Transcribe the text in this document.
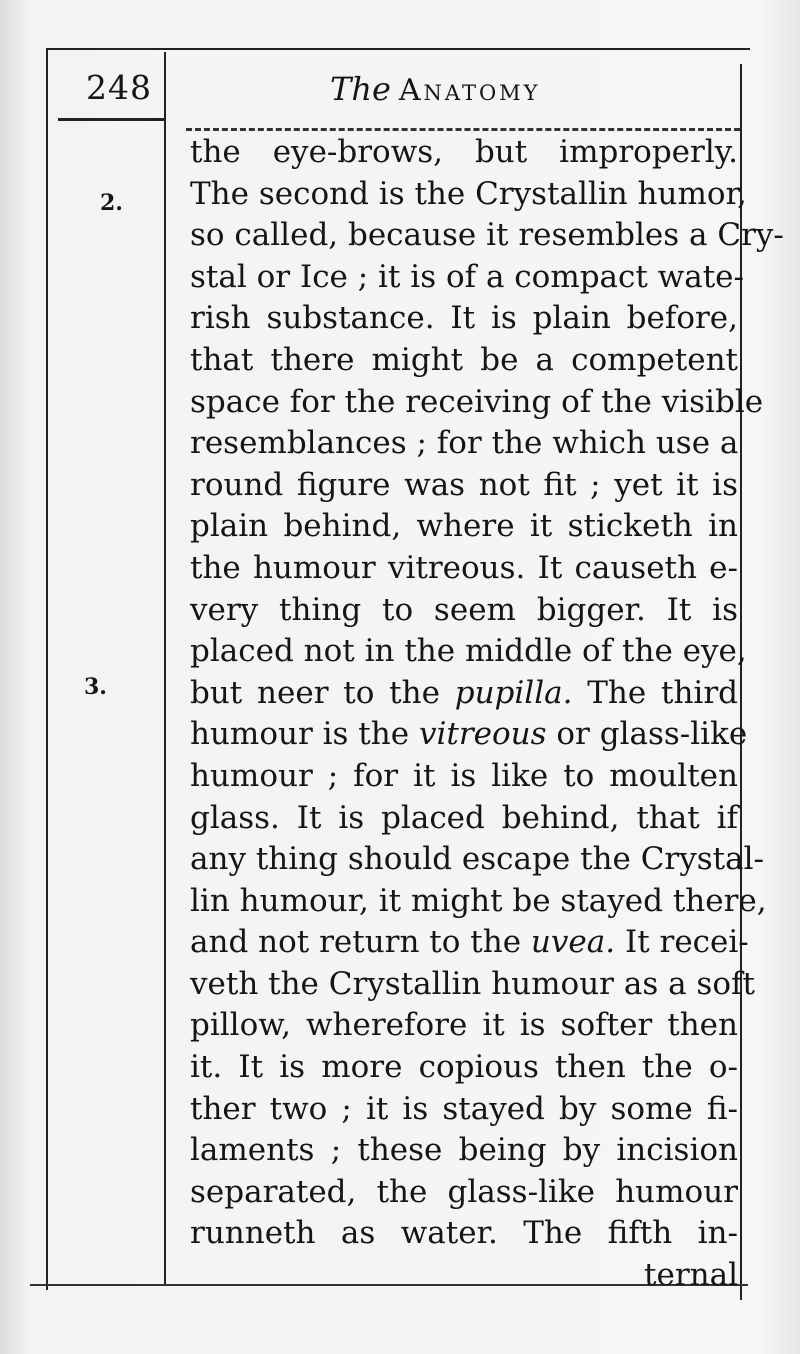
248	The Anatomy
2.
3.
the eye-brows, but improperly.
The second is the Crystallin humor,
so called, because it resembles a Cry-
stal or Ice ; it is of a compact wate-
rish substance. It is plain before,
that there might be a competent
space for the receiving of the visible
resemblances ; for the which use a
round figure was not fit ; yet it is
plain behind, where it sticketh in
the humour vitreous. It causeth e-
very thing to seem bigger. It is
placed not in the middle of the eye,
but neer to the pupilla. The third
humour is the vitreous or glass-like
humour ; for it is like to moulten
glass. It is placed behind, that if
any thing should escape the Crystal-
lin humour, it might be stayed there,
and not return to the uvea. It recei-
veth the Crystallin humour as a soft
pillow, wherefore it is softer then
it. It is more copious then the o-
ther two ; it is stayed by some fi-
laments ; these being by incision
separated, the glass-like humour
runneth as water. The fifth in-
ternal
